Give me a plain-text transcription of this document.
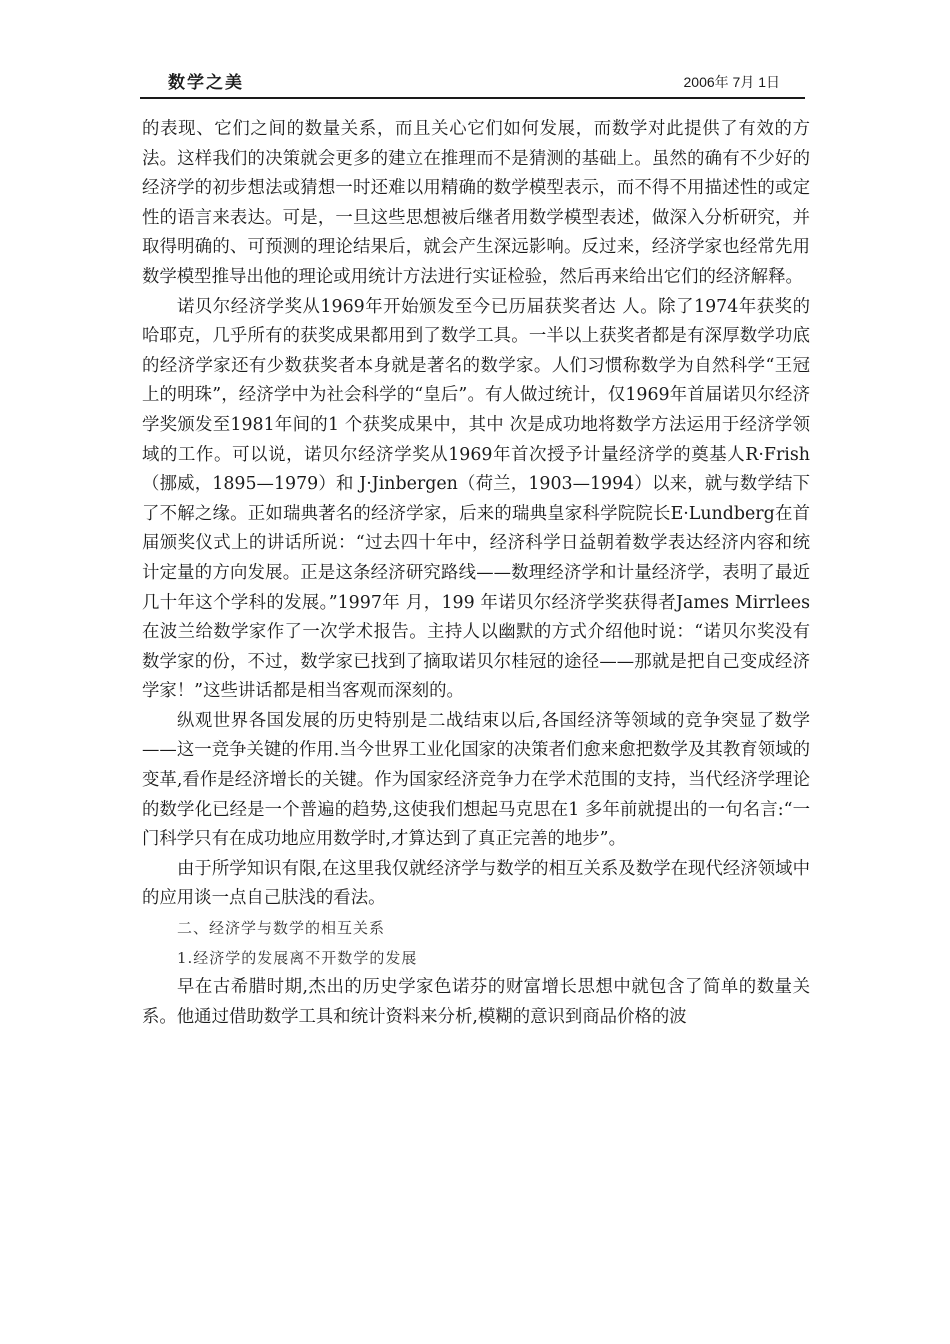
数学之美	2006年 7月 1日

的表现、它们之间的数量关系，而且关心它们如何发展，而数学对此提供了有效的方法。这样我们的决策就会更多的建立在推理而不是猜测的基础上。虽然的确有不少好的经济学的初步想法或猜想一时还难以用精确的数学模型表示，而不得不用描述性的或定性的语言来表达。可是，一旦这些思想被后继者用数学模型表述，做深入分析研究，并取得明确的、可预测的理论结果后，就会产生深远影响。反过来，经济学家也经常先用数学模型推导出他的理论或用统计方法进行实证检验，然后再来给出它们的经济解释。

诺贝尔经济学奖从1969年开始颁发至今已历届获奖者达 人。除了1974年获奖的哈耶克，几乎所有的获奖成果都用到了数学工具。一半以上获奖者都是有深厚数学功底的经济学家还有少数获奖者本身就是著名的数学家。人们习惯称数学为自然科学“王冠上的明珠”，经济学中为社会科学的“皇后”。有人做过统计，仅1969年首届诺贝尔经济学奖颁发至1981年间的1 个获奖成果中，其中 次是成功地将数学方法运用于经济学领域的工作。可以说，诺贝尔经济学奖从1969年首次授予计量经济学的奠基人R·Frish（挪威，1895—1979）和 J·Jinbergen（荷兰，1903—1994）以来，就与数学结下了不解之缘。正如瑞典著名的经济学家，后来的瑞典皇家科学院院长E·Lundberg在首届颁奖仪式上的讲话所说：“过去四十年中，经济科学日益朝着数学表达经济内容和统计定量的方向发展。正是这条经济研究路线——数理经济学和计量经济学，表明了最近几十年这个学科的发展。”1997年 月，199 年诺贝尔经济学奖获得者James Mirrlees在波兰给数学家作了一次学术报告。主持人以幽默的方式介绍他时说：“诺贝尔奖没有数学家的份，不过，数学家已找到了摘取诺贝尔桂冠的途径——那就是把自己变成经济学家！”这些讲话都是相当客观而深刻的。

纵观世界各国发展的历史特别是二战结束以后,各国经济等领域的竞争突显了数学——这一竞争关键的作用.当今世界工业化国家的决策者们愈来愈把数学及其教育领域的变革,看作是经济增长的关键。作为国家经济竞争力在学术范围的支持，当代经济学理论的数学化已经是一个普遍的趋势,这使我们想起马克思在1 多年前就提出的一句名言:“一门科学只有在成功地应用数学时,才算达到了真正完善的地步”。

由于所学知识有限,在这里我仅就经济学与数学的相互关系及数学在现代经济领域中的应用谈一点自己肤浅的看法。

二、经济学与数学的相互关系

1.经济学的发展离不开数学的发展

早在古希腊时期,杰出的历史学家色诺芬的财富增长思想中就包含了简单的数量关系。他通过借助数学工具和统计资料来分析,模糊的意识到商品价格的波
